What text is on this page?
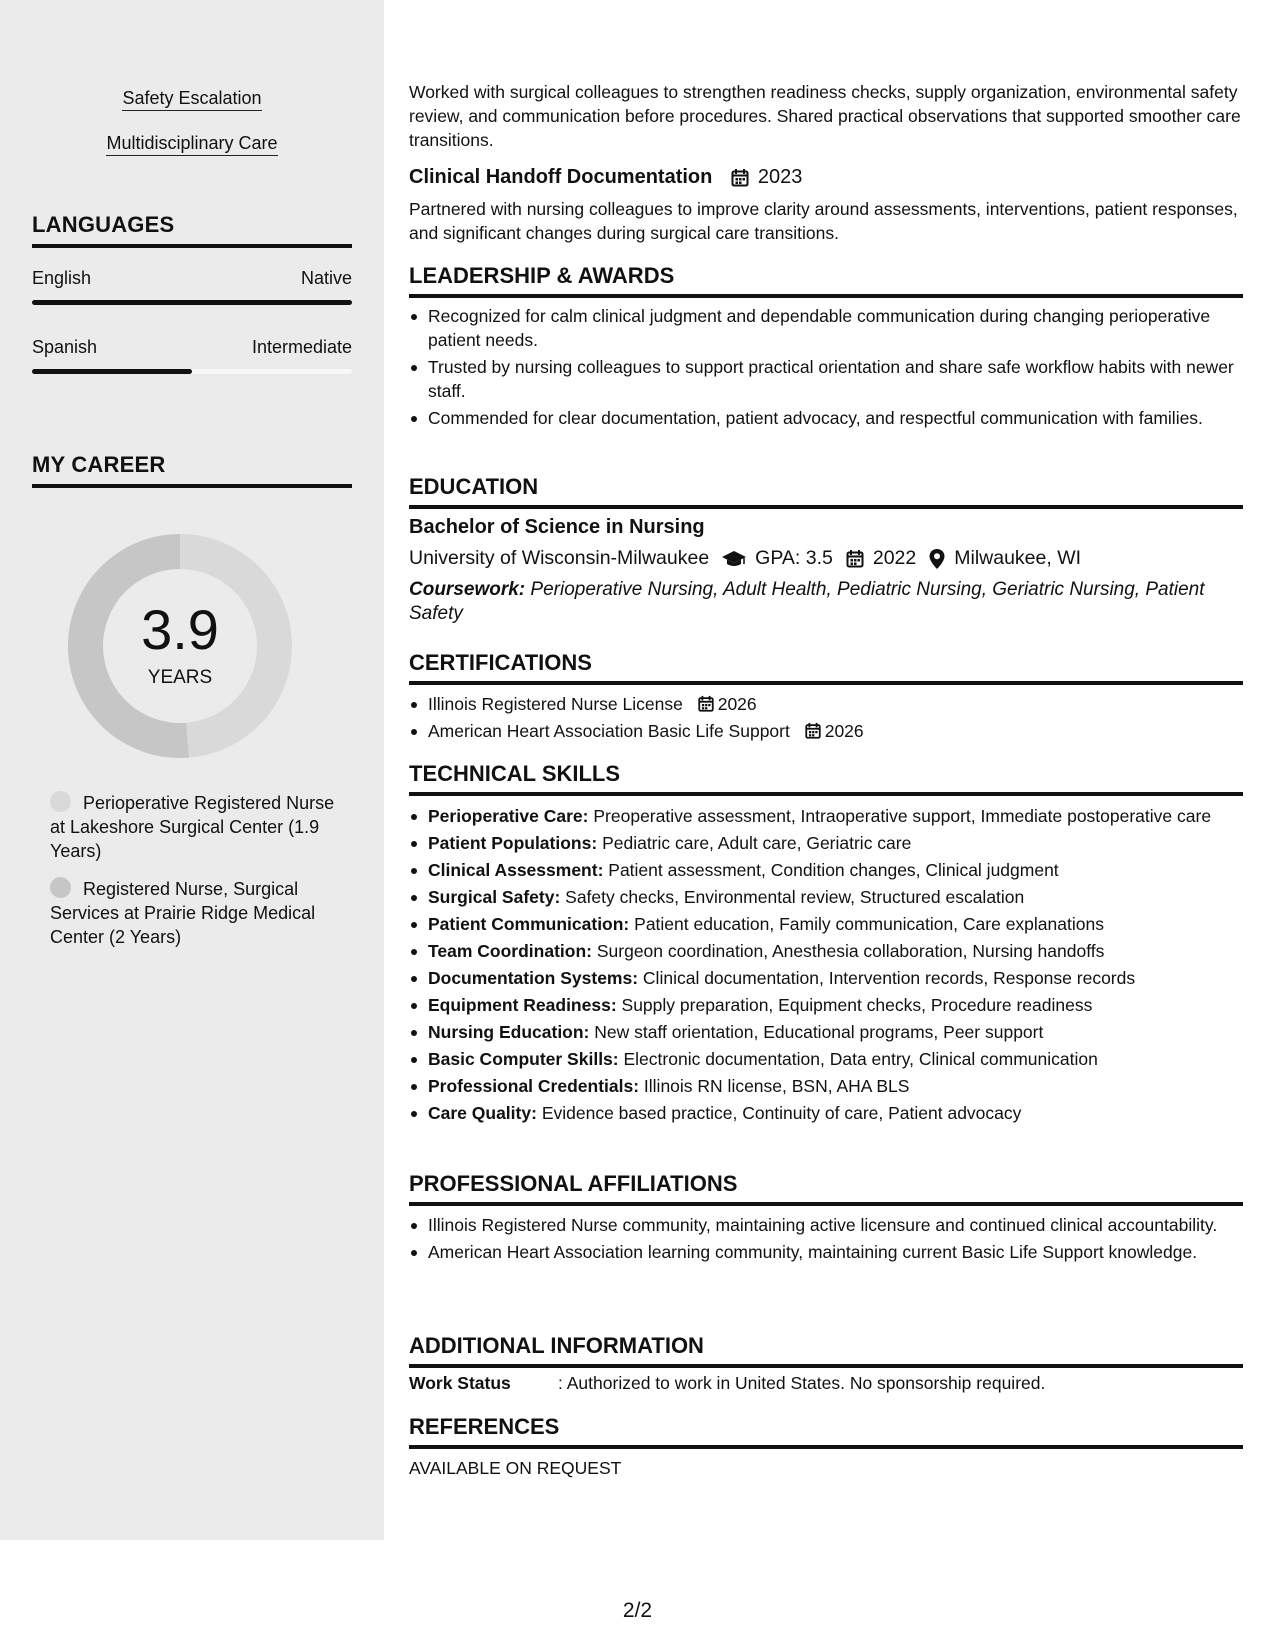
Safety Escalation
Multidisciplinary Care
LANGUAGES
English	Native
Spanish	Intermediate
MY CAREER
3.9
YEARS
Perioperative Registered Nurse at Lakeshore Surgical Center (1.9 Years)
Registered Nurse, Surgical Services at Prairie Ridge Medical Center (2 Years)
Worked with surgical colleagues to strengthen readiness checks, supply organization, environmental safety review, and communication before procedures. Shared practical observations that supported smoother care transitions.
Clinical Handoff Documentation 2023
Partnered with nursing colleagues to improve clarity around assessments, interventions, patient responses, and significant changes during surgical care transitions.
LEADERSHIP & AWARDS
Recognized for calm clinical judgment and dependable communication during changing perioperative patient needs.
Trusted by nursing colleagues to support practical orientation and share safe workflow habits with newer staff.
Commended for clear documentation, patient advocacy, and respectful communication with families.
EDUCATION
Bachelor of Science in Nursing
University of Wisconsin-Milwaukee GPA: 3.5 2022 Milwaukee, WI
Coursework: Perioperative Nursing, Adult Health, Pediatric Nursing, Geriatric Nursing, Patient Safety
CERTIFICATIONS
Illinois Registered Nurse License 2026
American Heart Association Basic Life Support 2026
TECHNICAL SKILLS
Perioperative Care: Preoperative assessment, Intraoperative support, Immediate postoperative care
Patient Populations: Pediatric care, Adult care, Geriatric care
Clinical Assessment: Patient assessment, Condition changes, Clinical judgment
Surgical Safety: Safety checks, Environmental review, Structured escalation
Patient Communication: Patient education, Family communication, Care explanations
Team Coordination: Surgeon coordination, Anesthesia collaboration, Nursing handoffs
Documentation Systems: Clinical documentation, Intervention records, Response records
Equipment Readiness: Supply preparation, Equipment checks, Procedure readiness
Nursing Education: New staff orientation, Educational programs, Peer support
Basic Computer Skills: Electronic documentation, Data entry, Clinical communication
Professional Credentials: Illinois RN license, BSN, AHA BLS
Care Quality: Evidence based practice, Continuity of care, Patient advocacy
PROFESSIONAL AFFILIATIONS
Illinois Registered Nurse community, maintaining active licensure and continued clinical accountability.
American Heart Association learning community, maintaining current Basic Life Support knowledge.
ADDITIONAL INFORMATION
Work Status	: Authorized to work in United States. No sponsorship required.
REFERENCES
AVAILABLE ON REQUEST
2/2
